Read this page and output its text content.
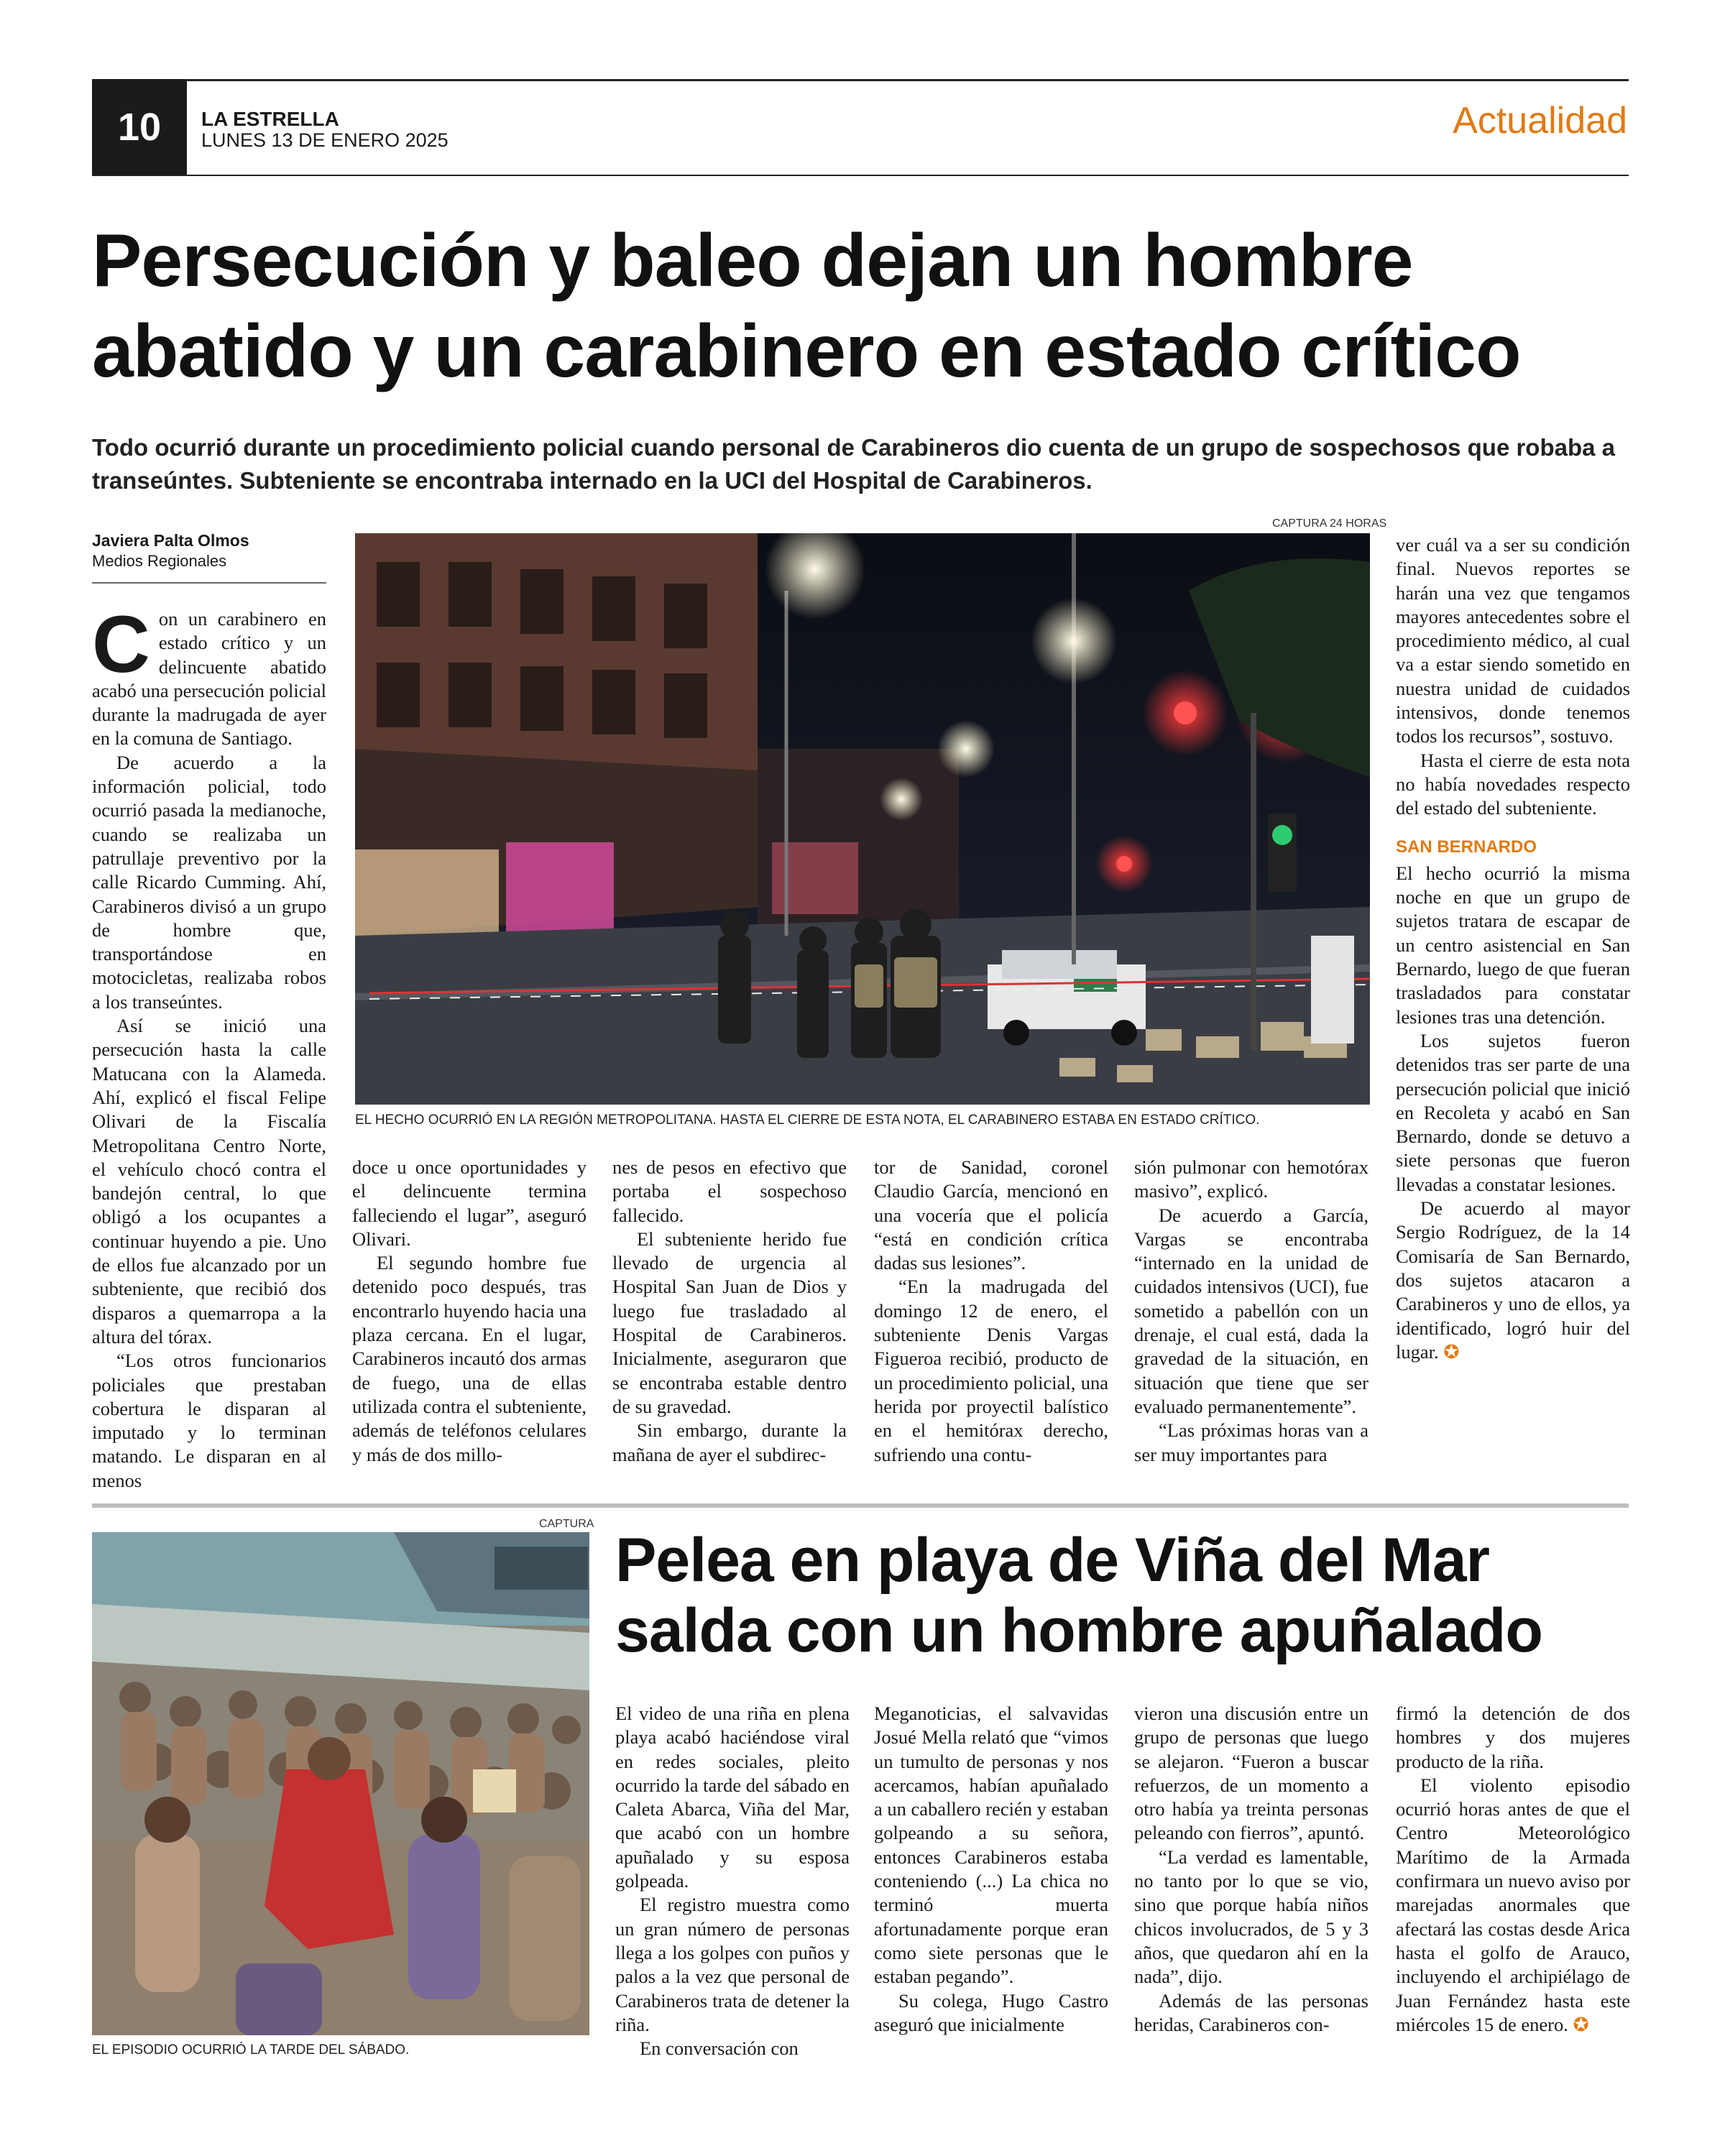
10	LA ESTRELLA
LUNES 13 DE ENERO 2025	Actualidad
Persecución y baleo dejan un hombre abatido y un carabinero en estado crítico
Todo ocurrió durante un procedimiento policial cuando personal de Carabineros dio cuenta de un grupo de sospechosos que robaba a transeúntes. Subteniente se encontraba internado en la UCI del Hospital de Carabineros.
Javiera Palta Olmos
Medios Regionales
CAPTURA 24 HORAS
EL HECHO OCURRIÓ EN LA REGIÓN METROPOLITANA. HASTA EL CIERRE DE ESTA NOTA, EL CARABINERO ESTABA EN ESTADO CRÍTICO.

Con un carabinero en estado crítico y un delincuente abatido acabó una persecución policial durante la madrugada de ayer en la comuna de Santiago.

De acuerdo a la información policial, todo ocurrió pasada la medianoche, cuando se realizaba un patrullaje preventivo por la calle Ricardo Cumming. Ahí, Carabineros divisó a un grupo de hombre que, transportándose en motocicletas, realizaba robos a los transeúntes.

Así se inició una persecución hasta la calle Matucana con la Alameda. Ahí, explicó el fiscal Felipe Olivari de la Fiscalía Metropolitana Centro Norte, el vehículo chocó contra el bandejón central, lo que obligó a los ocupantes a continuar huyendo a pie. Uno de ellos fue alcanzado por un subteniente, que recibió dos disparos a quemarropa a la altura del tórax.

“Los otros funcionarios policiales que prestaban cobertura le disparan al imputado y lo terminan matando. Le disparan en al menos

doce u once oportunidades y el delincuente termina falleciendo el lugar”, aseguró Olivari.

El segundo hombre fue detenido poco después, tras encontrarlo huyendo hacia una plaza cercana. En el lugar, Carabineros incautó dos armas de fuego, una de ellas utilizada contra el subteniente, además de teléfonos celulares y más de dos millo-

nes de pesos en efectivo que portaba el sospechoso fallecido.

El subteniente herido fue llevado de urgencia al Hospital San Juan de Dios y luego fue trasladado al Hospital de Carabineros. Inicialmente, aseguraron que se encontraba estable dentro de su gravedad.

Sin embargo, durante la mañana de ayer el subdirec-

tor de Sanidad, coronel Claudio García, mencionó en una vocería que el policía “está en condición crítica dadas sus lesiones”.

“En la madrugada del domingo 12 de enero, el subteniente Denis Vargas Figueroa recibió, producto de un procedimiento policial, una herida por proyectil balístico en el hemitórax derecho, sufriendo una contu-

sión pulmonar con hemotórax masivo”, explicó.

De acuerdo a García, Vargas se encontraba “internado en la unidad de cuidados intensivos (UCI), fue sometido a pabellón con un drenaje, el cual está, dada la gravedad de la situación, en situación que tiene que ser evaluado permanentemente”.

“Las próximas horas van a ser muy importantes para

ver cuál va a ser su condición final. Nuevos reportes se harán una vez que tengamos mayores antecedentes sobre el procedimiento médico, al cual va a estar siendo sometido en nuestra unidad de cuidados intensivos, donde tenemos todos los recursos”, sostuvo.

Hasta el cierre de esta nota no había novedades respecto del estado del subteniente.

SAN BERNARDO

El hecho ocurrió la misma noche en que un grupo de sujetos tratara de escapar de un centro asistencial en San Bernardo, luego de que fueran trasladados para constatar lesiones tras una detención.

Los sujetos fueron detenidos tras ser parte de una persecución policial que inició en Recoleta y acabó en San Bernardo, donde se detuvo a siete personas que fueron llevadas a constatar lesiones.

De acuerdo al mayor Sergio Rodríguez, de la 14 Comisaría de San Bernardo, dos sujetos atacaron a Carabineros y uno de ellos, ya identificado, logró huir del lugar. ✪

CAPTURA
EL EPISODIO OCURRIÓ LA TARDE DEL SÁBADO.
Pelea en playa de Viña del Mar salda con un hombre apuñalado

El video de una riña en plena playa acabó haciéndose viral en redes sociales, pleito ocurrido la tarde del sábado en Caleta Abarca, Viña del Mar, que acabó con un hombre apuñalado y su esposa golpeada.

El registro muestra como un gran número de personas llega a los golpes con puños y palos a la vez que personal de Carabineros trata de detener la riña.

En conversación con

Meganoticias, el salvavidas Josué Mella relató que “vimos un tumulto de personas y nos acercamos, habían apuñalado a un caballero recién y estaban golpeando a su señora, entonces Carabineros estaba conteniendo (...) La chica no terminó muerta afortunadamente porque eran como siete personas que le estaban pegando”.

Su colega, Hugo Castro aseguró que inicialmente

vieron una discusión entre un grupo de personas que luego se alejaron. “Fueron a buscar refuerzos, de un momento a otro había ya treinta personas peleando con fierros”, apuntó.

“La verdad es lamentable, no tanto por lo que se vio, sino que porque había niños chicos involucrados, de 5 y 3 años, que quedaron ahí en la nada”, dijo.

Además de las personas heridas, Carabineros con-

firmó la detención de dos hombres y dos mujeres producto de la riña.

El violento episodio ocurrió horas antes de que el Centro Meteorológico Marítimo de la Armada confirmara un nuevo aviso por marejadas anormales que afectará las costas desde Arica hasta el golfo de Arauco, incluyendo el archipiélago de Juan Fernández hasta este miércoles 15 de enero. ✪
